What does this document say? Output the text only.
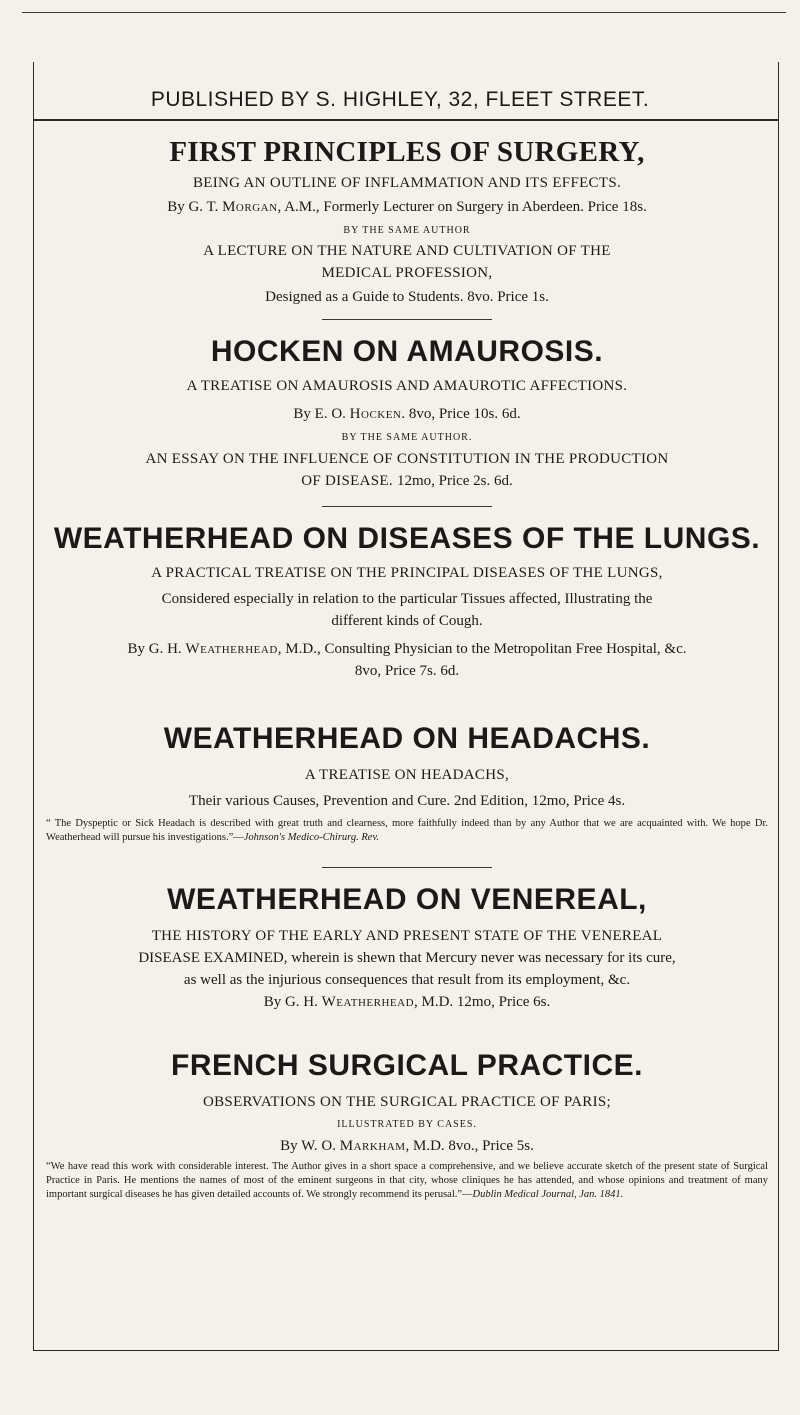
PUBLISHED BY S. HIGHLEY, 32, FLEET STREET.

FIRST PRINCIPLES OF SURGERY,

BEING AN OUTLINE OF INFLAMMATION AND ITS EFFECTS.

By G. T. Morgan, A.M., Formerly Lecturer on Surgery in Aberdeen. Price 18s.

BY THE SAME AUTHOR

A LECTURE ON THE NATURE AND CULTIVATION OF THE

MEDICAL PROFESSION,

Designed as a Guide to Students. 8vo. Price 1s.

HOCKEN ON AMAUROSIS.

A TREATISE ON AMAUROSIS AND AMAUROTIC AFFECTIONS.

By E. O. Hocken. 8vo, Price 10s. 6d.

BY THE SAME AUTHOR.

AN ESSAY ON THE INFLUENCE OF CONSTITUTION IN THE PRODUCTION

OF DISEASE. 12mo, Price 2s. 6d.

WEATHERHEAD ON DISEASES OF THE LUNGS.

A PRACTICAL TREATISE ON THE PRINCIPAL DISEASES OF THE LUNGS,

Considered especially in relation to the particular Tissues affected, Illustrating the

different kinds of Cough.

By G. H. Weatherhead, M.D., Consulting Physician to the Metropolitan Free Hospital, &c.

8vo, Price 7s. 6d.

WEATHERHEAD ON HEADACHS.

A TREATISE ON HEADACHS,

Their various Causes, Prevention and Cure. 2nd Edition, 12mo, Price 4s.

“ The Dyspeptic or Sick Headach is described with great truth and clearness, more faithfully indeed than by any Author that we are acquainted with. We hope Dr. Weatherhead will pursue his investigations.”—Johnson's Medico-Chirurg. Rev.

WEATHERHEAD ON VENEREAL,

THE HISTORY OF THE EARLY AND PRESENT STATE OF THE VENEREAL

DISEASE EXAMINED, wherein is shewn that Mercury never was necessary for its cure,

as well as the injurious consequences that result from its employment, &c.

By G. H. Weatherhead, M.D. 12mo, Price 6s.

FRENCH SURGICAL PRACTICE.

OBSERVATIONS ON THE SURGICAL PRACTICE OF PARIS;

ILLUSTRATED BY CASES.

By W. O. Markham, M.D. 8vo., Price 5s.

“We have read this work with considerable interest. The Author gives in a short space a comprehensive, and we believe accurate sketch of the present state of Surgical Practice in Paris. He mentions the names of most of the eminent surgeons in that city, whose cliniques he has attended, and whose opinions and treatment of many important surgical diseases he has given detailed accounts of. We strongly recommend its perusal.”—Dublin Medical Journal, Jan. 1841.
